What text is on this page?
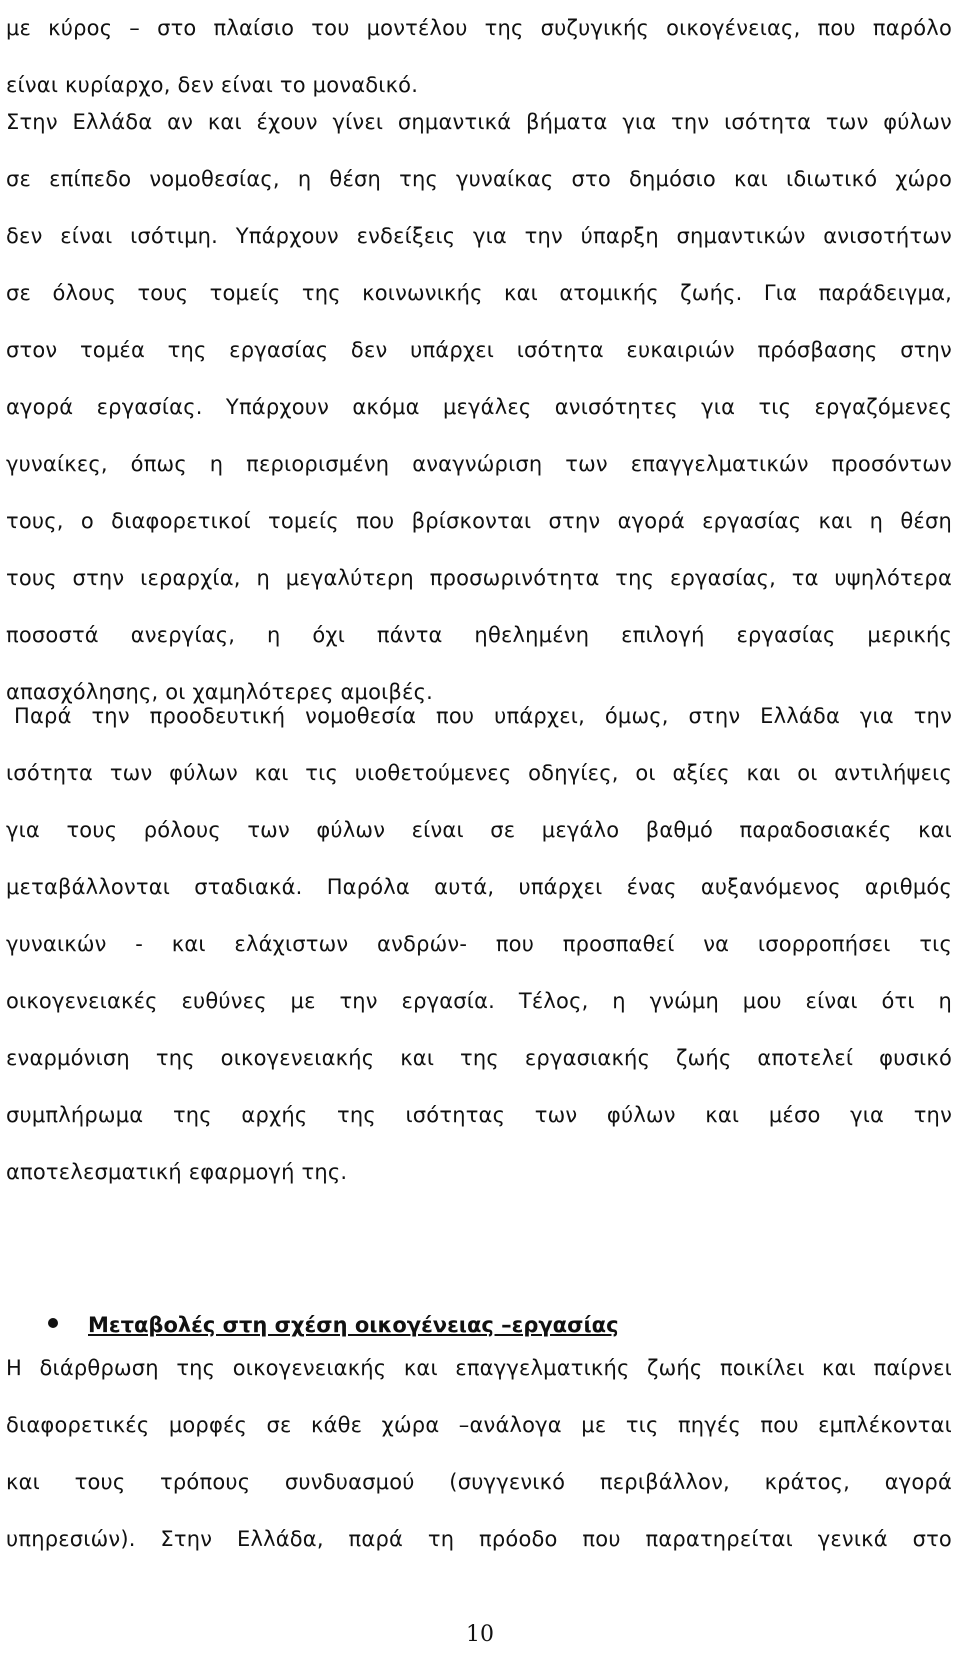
με κύρος – στο πλαίσιο του μοντέλου της συζυγικής οικογένειας, που παρόλο
είναι κυρίαρχο, δεν είναι το μοναδικό.
Στην Ελλάδα αν και έχουν γίνει σημαντικά βήματα για την ισότητα των φύλων
σε επίπεδο νομοθεσίας, η θέση της γυναίκας στο δημόσιο και ιδιωτικό χώρο
δεν είναι ισότιμη. Υπάρχουν ενδείξεις για την ύπαρξη σημαντικών ανισοτήτων
σε όλους τους τομείς της κοινωνικής και ατομικής ζωής. Για παράδειγμα,
στον τομέα της εργασίας δεν υπάρχει ισότητα ευκαιριών πρόσβασης στην
αγορά εργασίας. Υπάρχουν ακόμα μεγάλες ανισότητες για τις εργαζόμενες
γυναίκες, όπως η περιορισμένη αναγνώριση των επαγγελματικών προσόντων
τους, ο διαφορετικοί τομείς που βρίσκονται στην αγορά εργασίας και η θέση
τους στην ιεραρχία, η μεγαλύτερη προσωρινότητα της εργασίας, τα υψηλότερα
ποσοστά ανεργίας, η όχι πάντα ηθελημένη επιλογή εργασίας μερικής
απασχόλησης, οι χαμηλότερες αμοιβές.
Παρά την προοδευτική νομοθεσία που υπάρχει, όμως, στην Ελλάδα για την
ισότητα των φύλων και τις υιοθετούμενες οδηγίες, οι αξίες και οι αντιλήψεις
για τους ρόλους των φύλων είναι σε μεγάλο βαθμό παραδοσιακές και
μεταβάλλονται σταδιακά. Παρόλα αυτά, υπάρχει ένας αυξανόμενος αριθμός
γυναικών - και ελάχιστων ανδρών- που προσπαθεί να ισορροπήσει τις
οικογενειακές ευθύνες με την εργασία. Τέλος, η γνώμη μου είναι ότι η
εναρμόνιση της οικογενειακής και της εργασιακής ζωής αποτελεί φυσικό
συμπλήρωμα της αρχής της ισότητας των φύλων και μέσο για την
αποτελεσματική εφαρμογή της.
Μεταβολές στη σχέση οικογένειας –εργασίας
Η διάρθρωση της οικογενειακής και επαγγελματικής ζωής ποικίλει και παίρνει
διαφορετικές μορφές σε κάθε χώρα –ανάλογα με τις πηγές που εμπλέκονται
και τους τρόπους συνδυασμού (συγγενικό περιβάλλον, κράτος, αγορά
υπηρεσιών). Στην Ελλάδα, παρά τη πρόοδο που παρατηρείται γενικά στο
10
